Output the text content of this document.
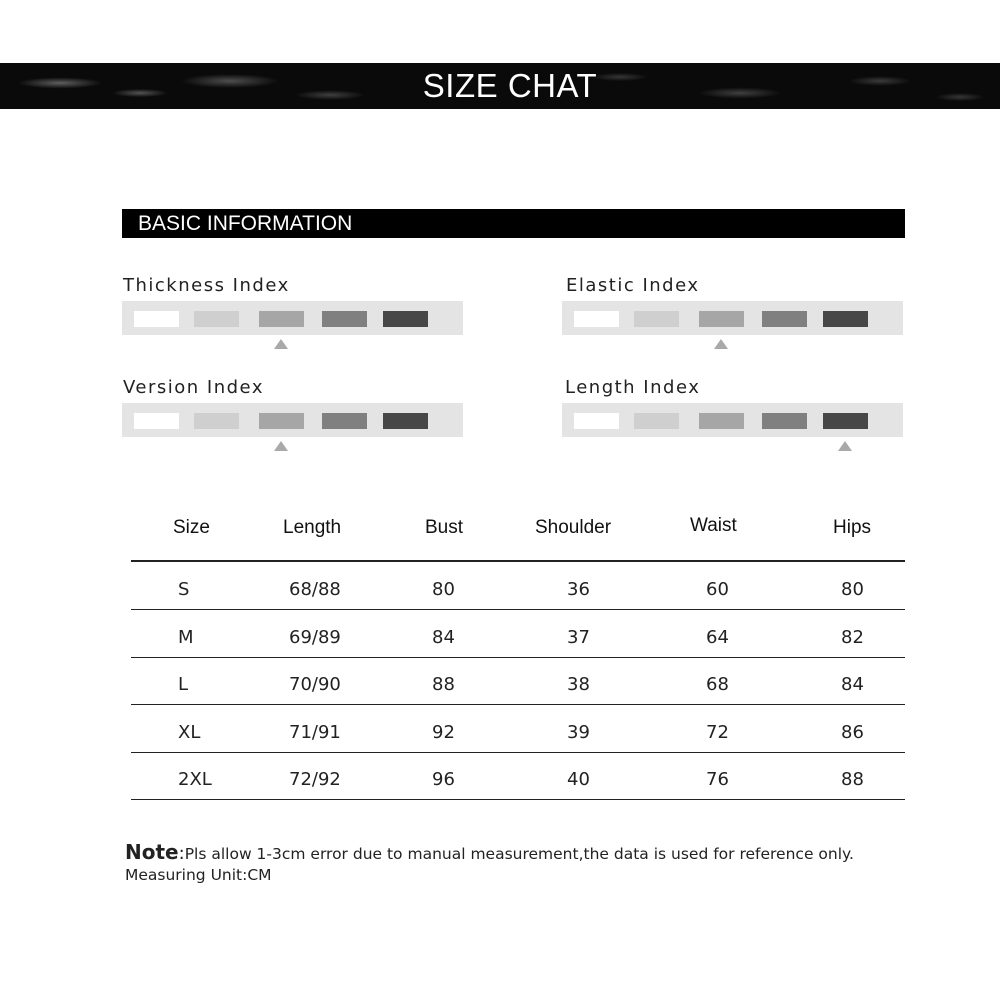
SIZE CHAT
BASIC INFORMATION
Thickness Index	Elastic Index
Version Index	Length Index
Size	Length	Bust	Shoulder	Waist	Hips
S	68/88	80	36	60	80
M	69/89	84	37	64	82
L	70/90	88	38	68	84
XL	71/91	92	39	72	86
2XL	72/92	96	40	76	88
Note:Pls allow 1-3cm error due to manual measurement,the data is used for reference only.
Measuring Unit:CM
